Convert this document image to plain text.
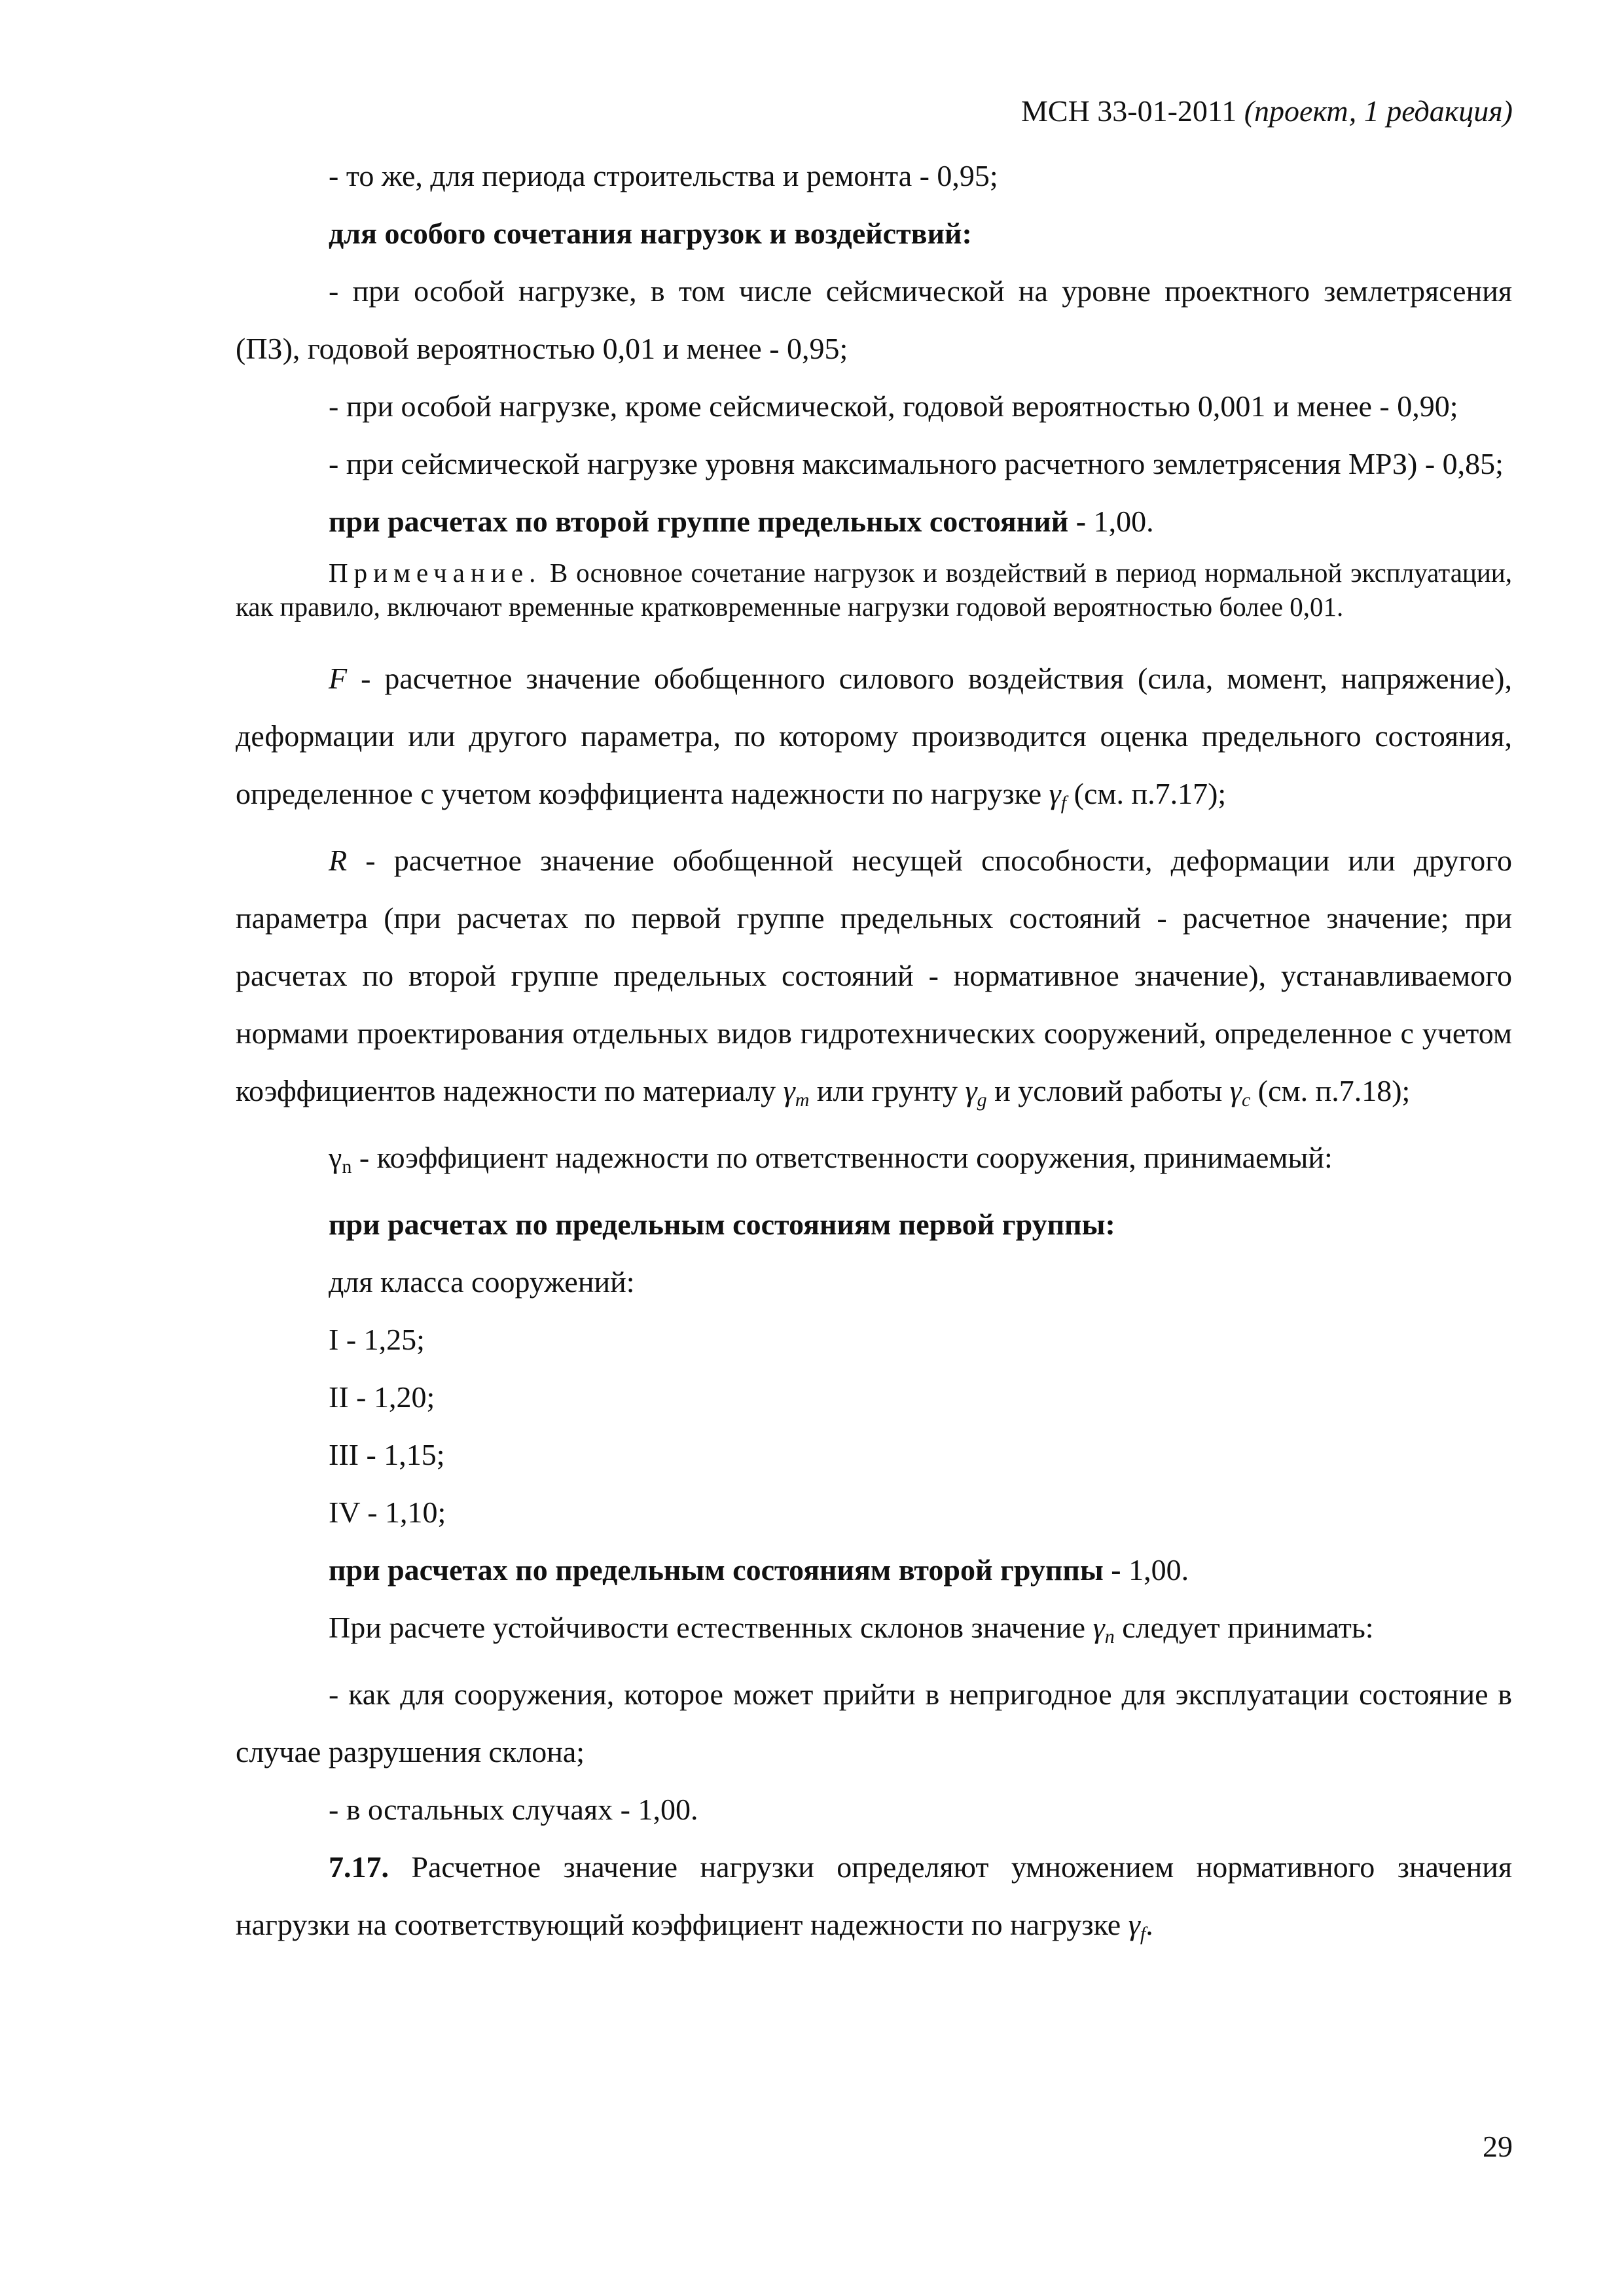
МСН 33-01-2011 (проект, 1 редакция)

- то же, для периода строительства и ремонта - 0,95;

для особого сочетания нагрузок и воздействий:

- при особой нагрузке, в том числе сейсмической на уровне проектного землетрясения (ПЗ), годовой вероятностью 0,01 и менее - 0,95;

- при особой нагрузке, кроме сейсмической, годовой вероятностью 0,001 и менее - 0,90;

- при сейсмической нагрузке уровня максимального расчетного землетрясения МРЗ) - 0,85;

при расчетах по второй группе предельных состояний - 1,00.

Примечание. В основное сочетание нагрузок и воздействий в период нормальной эксплуатации, как правило, включают временные кратковременные нагрузки годовой вероятностью более 0,01.

F - расчетное значение обобщенного силового воздействия (сила, момент, напряжение), деформации или другого параметра, по которому производится оценка предельного состояния, определенное с учетом коэффициента надежности по нагрузке $\gamma_f$ (см. п.7.17);

R - расчетное значение обобщенной несущей способности, деформации или другого параметра (при расчетах по первой группе предельных состояний - расчетное значение; при расчетах по второй группе предельных состояний - нормативное значение), устанавливаемого нормами проектирования отдельных видов гидротехнических сооружений, определенное с учетом коэффициентов надежности по материалу $\gamma_m$ или грунту $\gamma_g$ и условий работы $\gamma_c$ (см. п.7.18);

γn - коэффициент надежности по ответственности сооружения, принимаемый:

при расчетах по предельным состояниям первой группы:

для класса сооружений:

I - 1,25;

II - 1,20;

III - 1,15;

IV - 1,10;

при расчетах по предельным состояниям второй группы - 1,00.

При расчете устойчивости естественных склонов значение $\gamma_n$ следует принимать:

- как для сооружения, которое может прийти в непригодное для эксплуатации состояние в случае разрушения склона;

- в остальных случаях - 1,00.

7.17. Расчетное значение нагрузки определяют умножением нормативного значения нагрузки на соответствующий коэффициент надежности по нагрузке $\gamma_f$.

29
